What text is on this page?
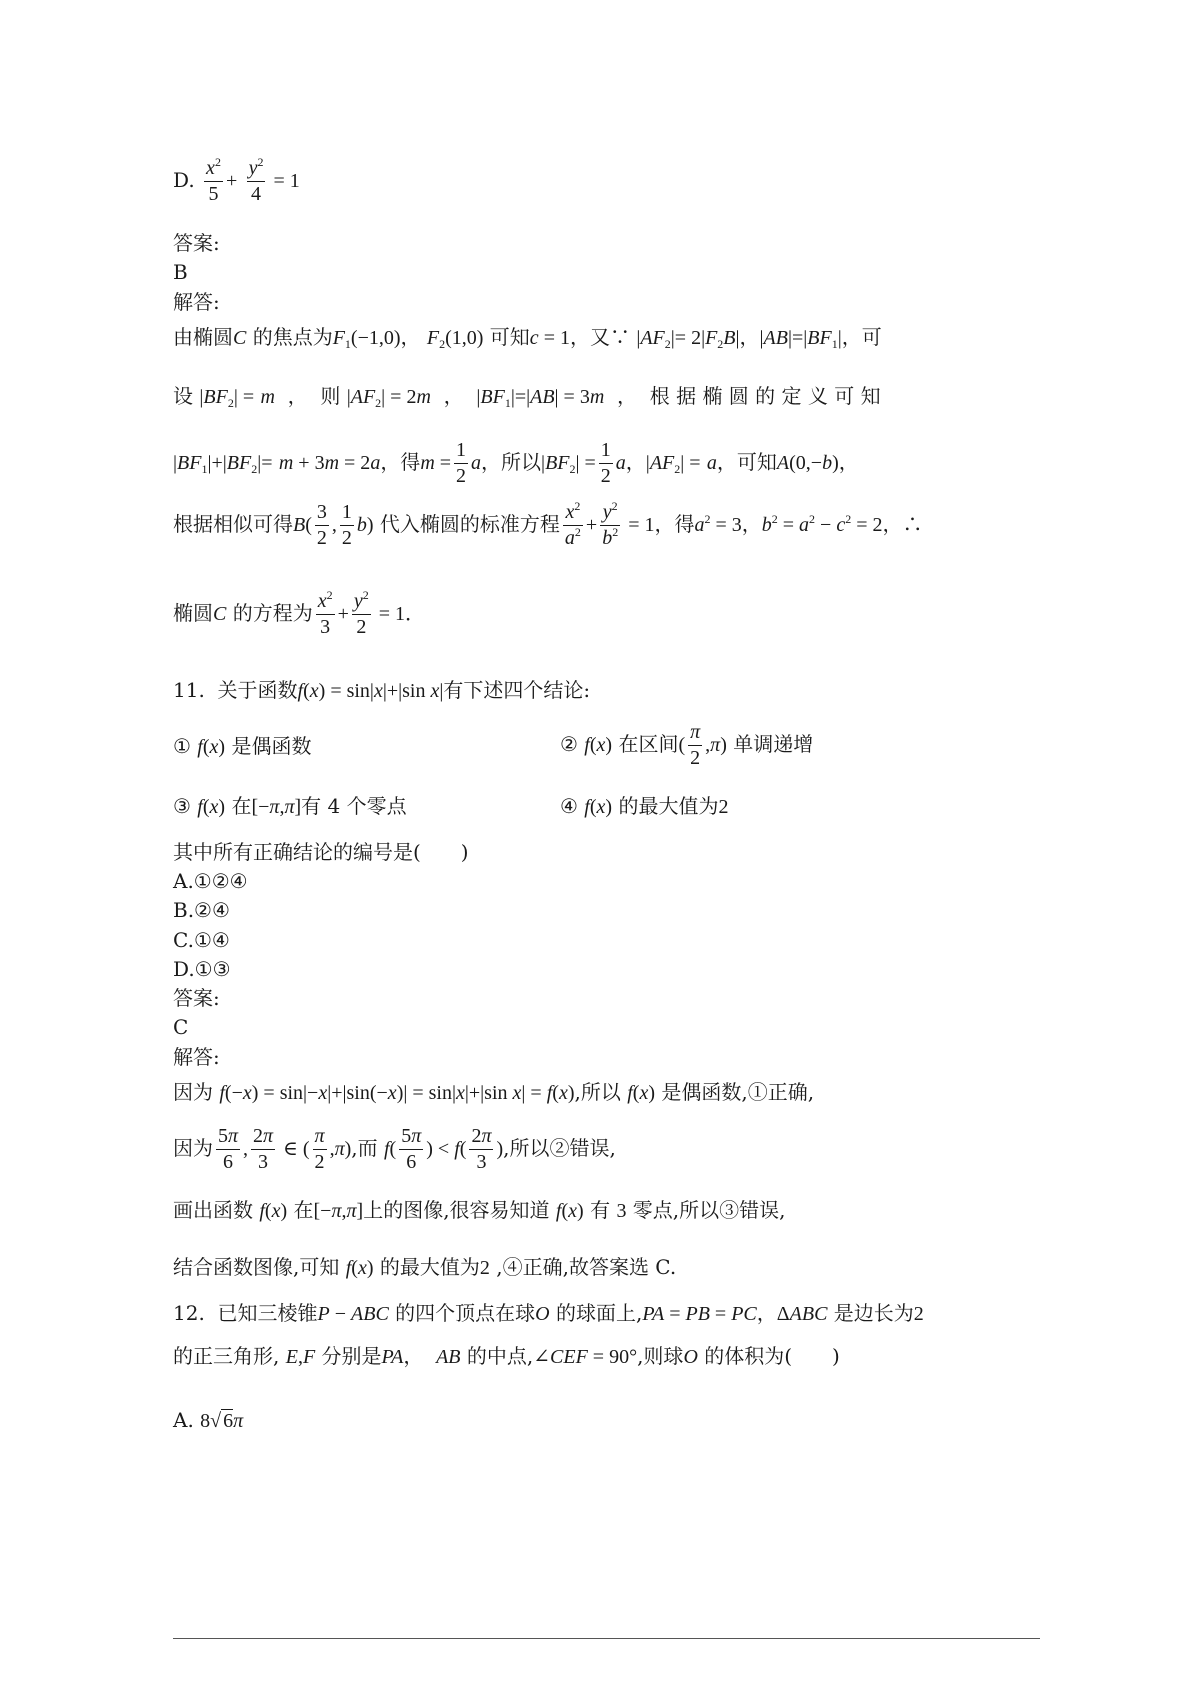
D. $\frac{x^2}{5} + \frac{y^2}{4} = 1$
答案:
B
解答:
由椭圆C 的焦点为$F_1(-1,0)$， $F_2(1,0)$ 可知c = 1，又∵ $|AF_2|= 2|F_2B|$，$|AB|=|BF_1|$，可
设 $|BF_2| = m$  ，  则 $|AF_2| = 2m$  ，  $|BF_1|=|AB| = 3m$  ，  根 据 椭 圆 的 定 义 可 知
$|BF_1|+|BF_2|= m + 3m = 2a$，得$m = \frac{1}{2}$ a，所以$|BF_2| = \frac{1}{2}$ a，$|AF_2| = a$，可知A(0,−b)，
根据相似可得$B( \frac{3}{2}$ , $\frac{1}{2} b$) 代入椭圆的标准方程 $\frac{x^2}{a^2} + \frac{y^2}{b^2} = 1$，得$a^2 = 3$，$b^2 = a^2 - c^2 = 2$，∴
椭圆C 的方程为 $\frac{x^2}{3} + \frac{y^2}{2} = 1$．
11. 关于函数f(x) = sin|x|+|sin x|有下述四个结论:
① f(x) 是偶函数	② f(x) 在区间( $\frac{\pi}{2} ,\pi$) 单调递增
③ f(x) 在[−π,π]有 4 个零点	④ f(x) 的最大值为2
其中所有正确结论的编号是(　　)
A.①②④
B.②④
C.①④
D.①③
答案:
C
解答:
因为 f(−x) = sin|−x|+|sin(−x)| = sin|x|+|sin x| = f(x),所以 f(x) 是偶函数,①正确,
因为 $\frac{5\pi}{6}$ , $\frac{2\pi}{3}$ ∈ ( $\frac{\pi}{2} ,\pi$),而 $f( \frac{5\pi}{6}$ ) < $f( \frac{2\pi}{3}$ ),所以②错误,
画出函数 f(x) 在[−π,π]上的图像,很容易知道 f(x) 有 3 零点,所以③错误,
结合函数图像,可知 f(x) 的最大值为2 ,④正确,故答案选 C.
12. 已知三棱锥P − ABC 的四个顶点在球O 的球面上,PA = PB = PC，ΔABC 是边长为2
的正三角形, E,F 分别是PA，  AB 的中点,∠CEF = 90°,则球O 的体积为(　　)
A. 8√ 6π
